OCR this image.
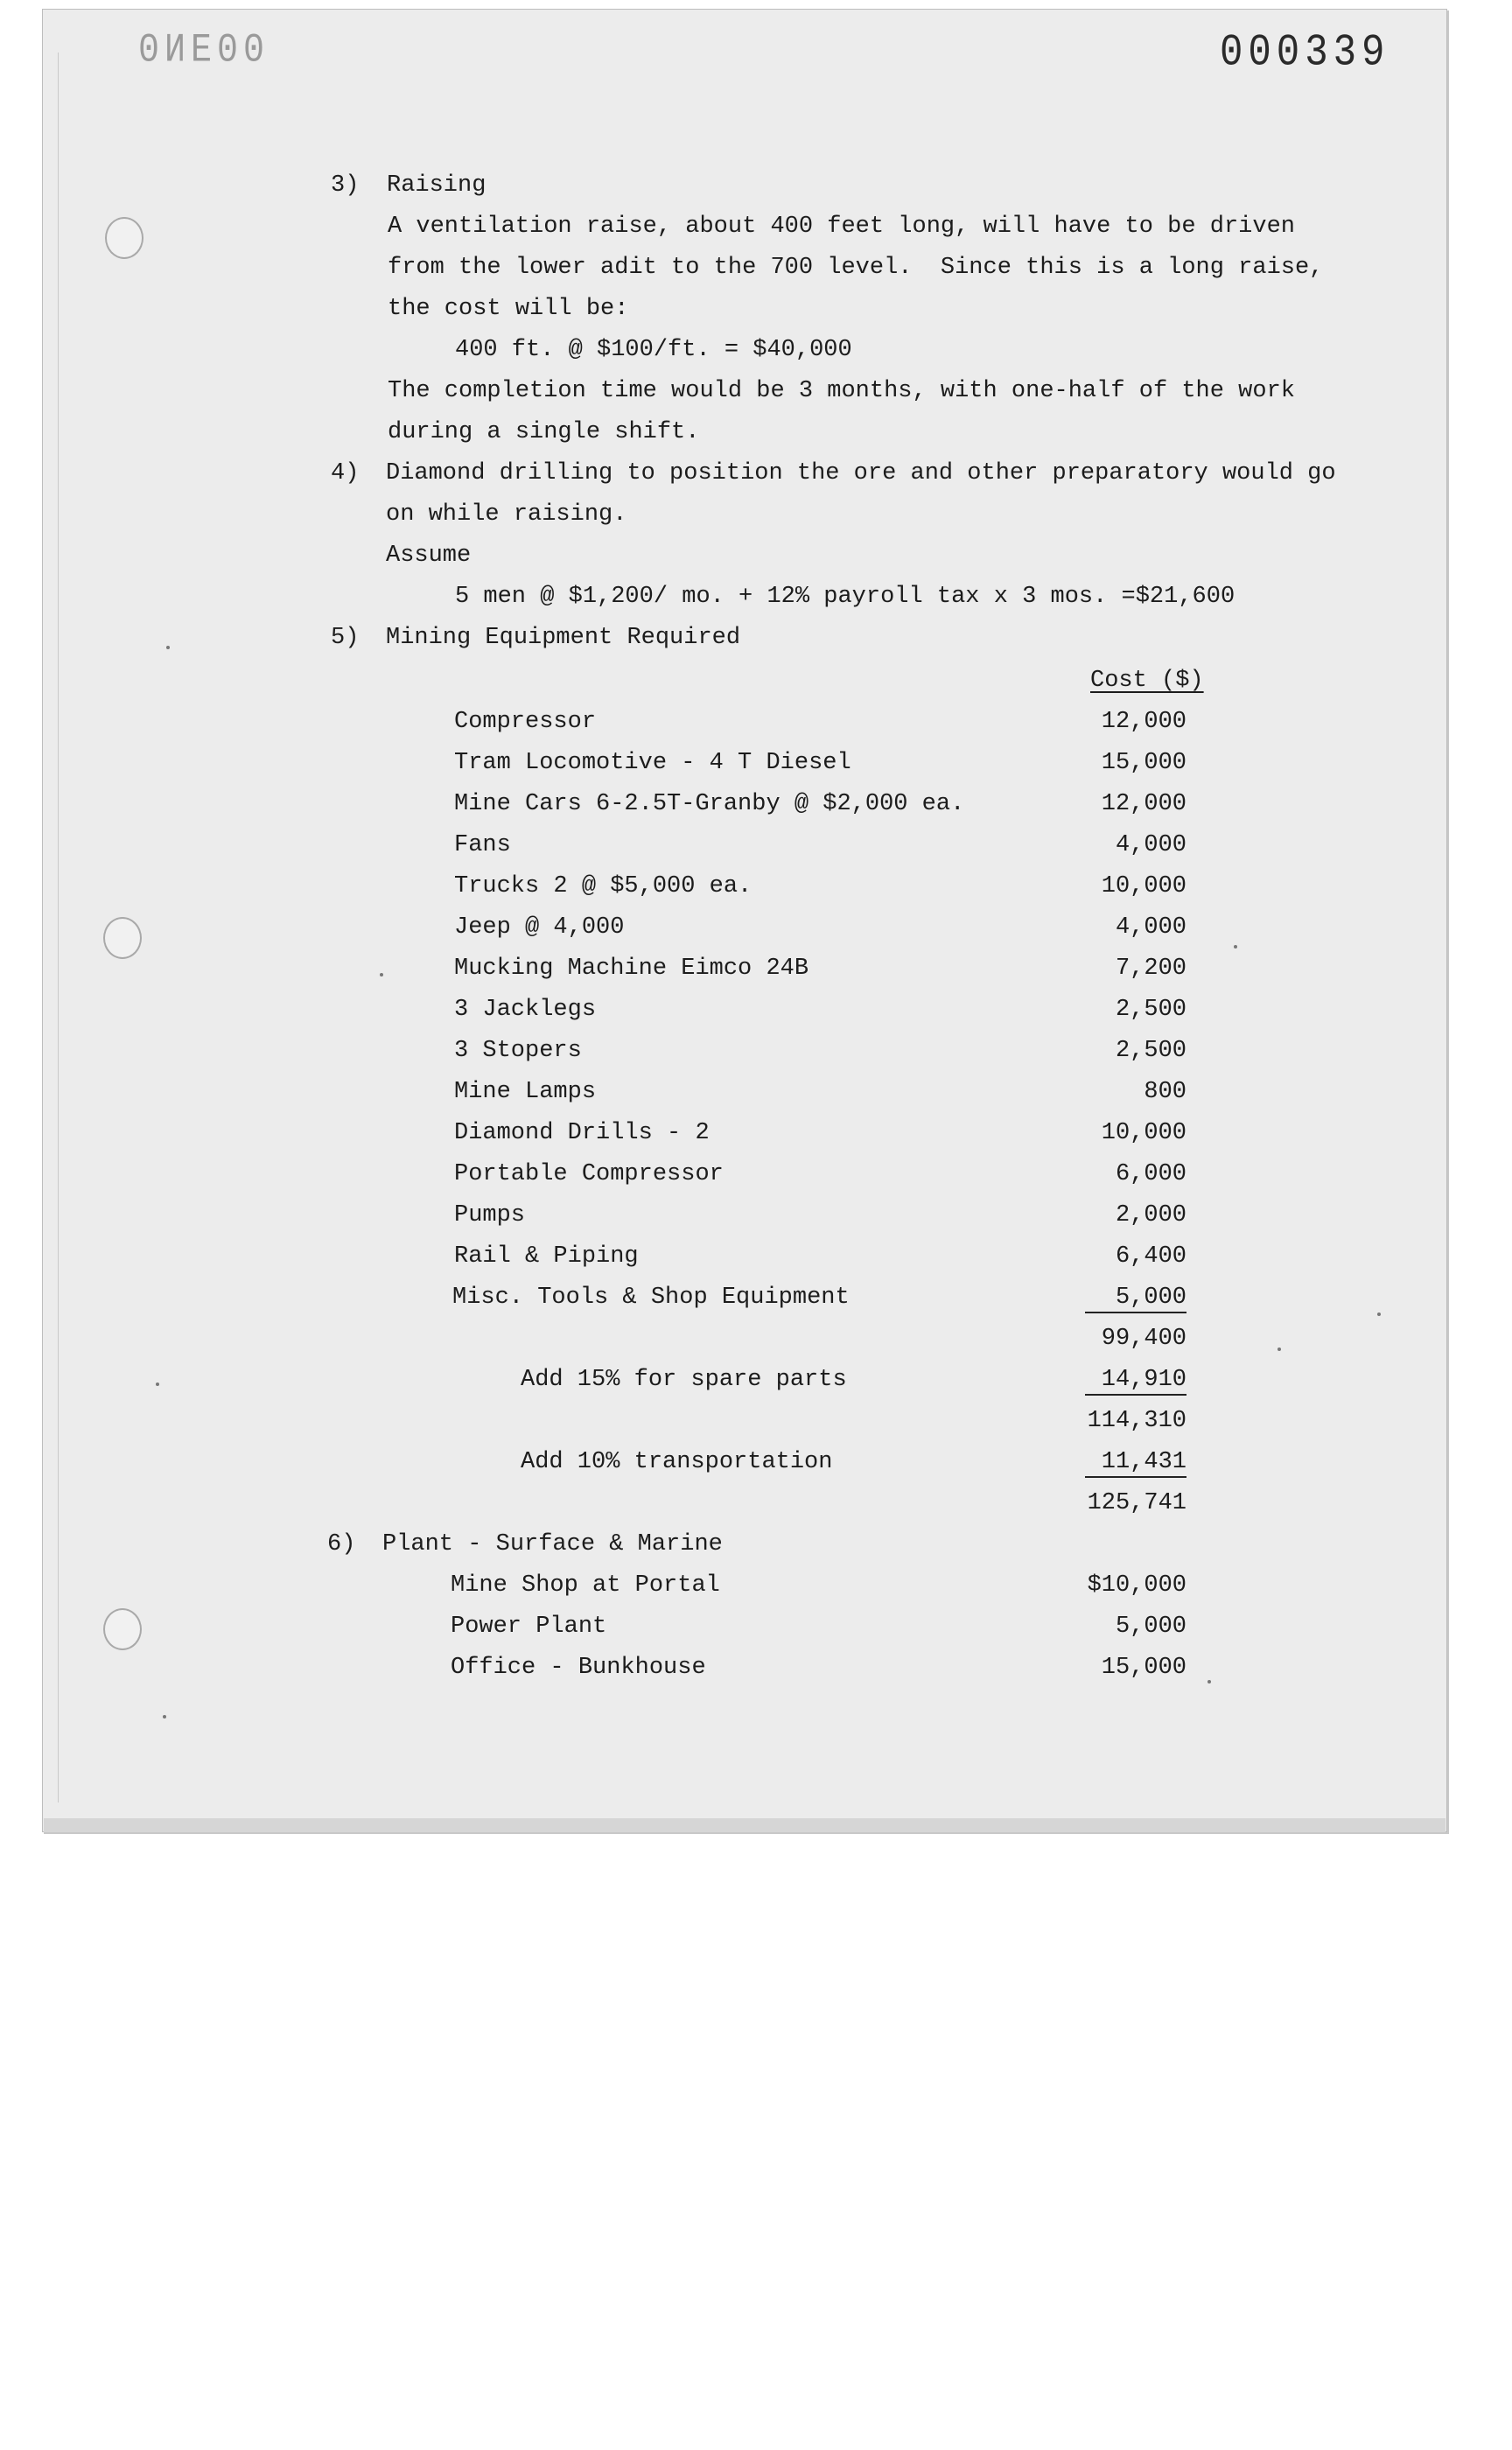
0ИЕ00	000339
3) Raising
A ventilation raise, about 400 feet long, will have to be driven
from the lower adit to the 700 level.  Since this is a long raise,
the cost will be:
400 ft. @ $100/ft. = $40,000
The completion time would be 3 months, with one-half of the work
during a single shift.
4) Diamond drilling to position the ore and other preparatory would go
on while raising.
Assume
5 men @ $1,200/ mo. + 12% payroll tax x 3 mos. =$21,600
5) Mining Equipment Required
Cost ($)
Compressor	12,000
Tram Locomotive - 4 T Diesel	15,000
Mine Cars 6-2.5T-Granby @ $2,000 ea.	12,000
Fans	4,000
Trucks 2 @ $5,000 ea.	10,000
Jeep @ 4,000	4,000
Mucking Machine Eimco 24B	7,200
3 Jacklegs	2,500
3 Stopers	2,500
Mine Lamps	800
Diamond Drills - 2	10,000
Portable Compressor	6,000
Pumps	2,000
Rail & Piping	6,400
Misc. Tools & Shop Equipment	5,000
99,400
Add 15% for spare parts	14,910
114,310
Add 10% transportation	11,431
125,741
6) Plant - Surface & Marine
Mine Shop at Portal	$10,000
Power Plant	5,000
Office - Bunkhouse	15,000
